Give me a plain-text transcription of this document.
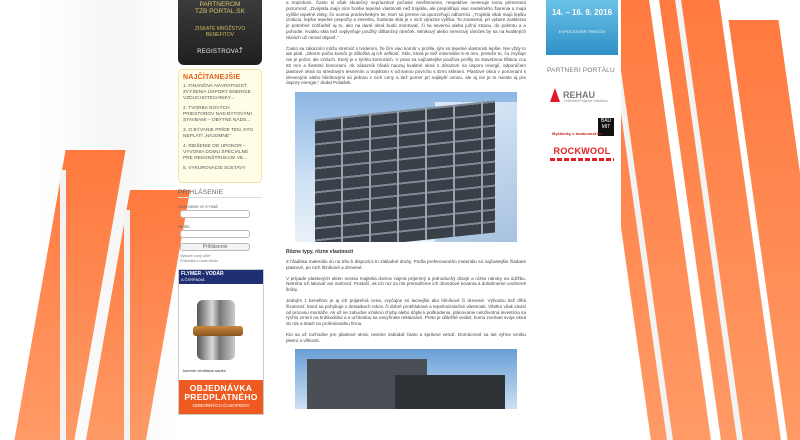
PARTNEROM
TZB PORTAL.SK
ZISKATE MNOŽSTVO
BENEFITOV
REGISTROVAŤ
NAJČÍTANEJŠIE
1. FINANČNÁ NÁVRATNOSŤ ZVÝŠENIA ÚSPORY ENERGIE VZDUCHOTECHNIKY...
2. TVORBA NOVÝCH PRIESTOROV NAD BYTOVÝMI STAVBAMI – OBYTNÉ NADS...
3. O BÝVANIE PRÍDE TEN, KTO NEPLATÍ „NÁJOMNÉ“
4. RIEŠENIE OD UPONOR – VYVONIA DOMU ŠPECIÁLNE PRE REKONŠTRUKCIE VE...
5. VYKUROVACIE SÚSTAVY
PRIHLÁSENIE
Username or e-mail
Heslo
Prihlásenie
Vytvoriť nový účet
Požiadať o nové heslo
FLYMER - VODÁR
A ČERPADIÁ
kúrenie ventilácia sanita
OBJEDNÁVKA
PREDPLATNÉHO
ODBORNÝCH ČASOPISOV

a tropickom. Často si však skutočný nepriaznivé počasie nevšimneme, respektíve nevenuje tomu primeranú pozornosť. „Dvojskla majú síce horšie tepelné vlastnosti než trojskla, ale prepúšťajú viac svetelného žiarenia a majú vyššie tepelné zisky, čo ocenia predovšetkým tie, ktorí sú presne na upozorňujú odborníci. „Trojsklá však majú lepšiu izoláciu, lepšie tepelné prepočty a interiéru, hodnota skla je v nich výrazne vyššia. To znamená, pri vybere zasklenia je potrebné zohľadniť aj to, ako na dané okná budú montovať, či sa severnú alebo južnú stranu, do pokrotu a a pohodie. Kvalitu skla tiež ovplyvňuje použitý dištančný rámček. Minikový alebo nerezový rámček by sa na kvalitných oknách už nemal objaviť.“

Často sa zákazníci môžu stretnúť s tvrdením, že čím viac komôr v profile, tým sú tepelné vlastnosti lepšie. Nie vždy to ale platí. „Okrem počtu komôr je dôležitá aj ich veľkosť. Sklo, ktorá je tiež minimálne 5–6 mm, pretože to, čo zvyšuje nie je počet, ale vzduch. Ktorý je v týchto komorách. V praxi sa najčastejšie používa profily so stavebnou hĺbkou cca 82 mm a šiestimi komorami. Ak zákazník hľadá naozaj kvalitné okná s dôrazom na úsporu energií, odporúčam plastové okná so stredovým tesnením a trojsklom s ochranou povrchu s Ermi skleami. Plastové okná v porovnaní s drevenými alebo hliníkovými sú jednou z nich ceny a tiež pomer pri najlepší cenou, ale aj nie je to miesto aj pre úspory energie,“ dodal Poliašek.

Rôzne typy, rôzne vlastnosti

Z hľadiska materiálu sú na trhu k dispozícii tri základné druhy. Podľa preferovaného materiálu sú najčastejšie žiadané plastové, po nich hliníkové a drevené.

V prípade plastových okien ocenia majitelia domov najmä príjemný a jednoduchý dizajn a nízke nároky na údržbu. Netreba ich lakovať ani maľovať. Postačí, ak ich raz za rok premažeme ich obvodové kovania a dotiahneme uvoľnené šrúby.

Jedným z benefitov je aj ich prijateľná cena, zvyčajne sú lacnejšie ako hliníkové či drevené. Výhodou tiež dlhá životnosť, ktorá sa pohybuje v desiatkach rokov, či dobré protihlukové a tepelnoizolačné vlastnosti. Všetko však závisí od procesu montáže. Ak už ne zabudne vzniknú chyby alebo dôjde k poškodeniu, plánovanie celoživotná investícia sa rýchlo zmení na krátkodobú a s určitostou sa nevyhnete reklamácii. Preto je dôležité vediet, komu zveriaet svoje okná do rúk a stavit na profesionálnu firmu.

Kto sa už rozhodne pre plastové okná, nesmie zabúdať často a správne vetrať. Domácnosť sa tak vyhne vzniku plesní a vlhkosti.

14. – 16. 9. 2016
EXPOCENTER TRENČÍN
PARTNERI PORTÁLU
REHAU
Unlimited Polymer Solutions
BAU MIT
Myšlienky s budúcnosťou
ROCKWOOL
